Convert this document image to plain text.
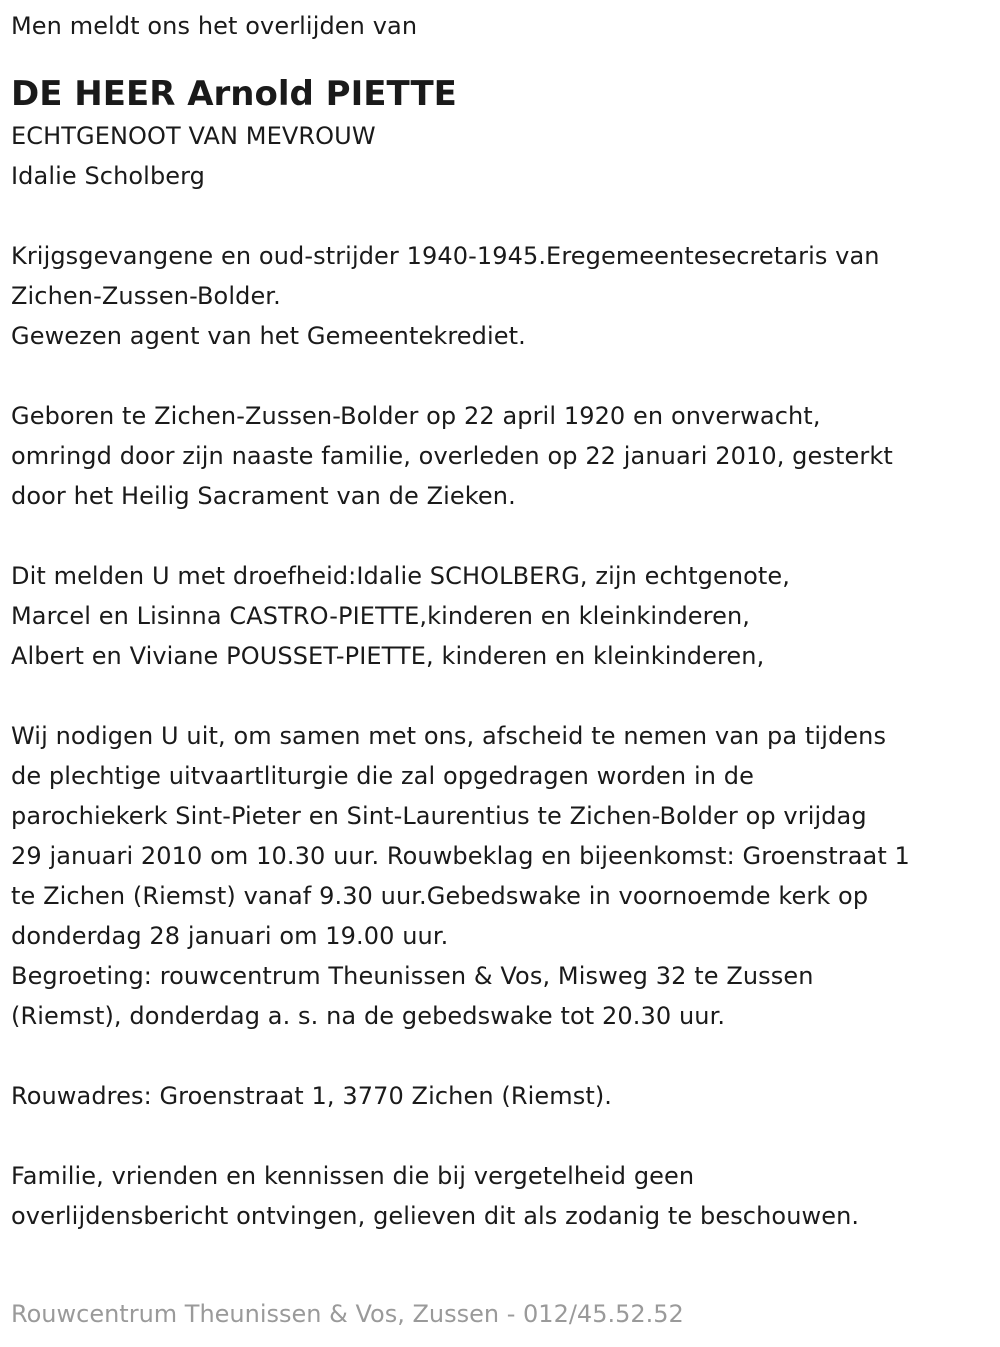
Men meldt ons het overlijden van
DE HEER Arnold PIETTE
ECHTGENOOT VAN MEVROUW
Idalie Scholberg
Krijgsgevangene en oud-strijder 1940-1945.Eregemeentesecretaris van
Zichen-Zussen-Bolder.
Gewezen agent van het Gemeentekrediet.
Geboren te Zichen-Zussen-Bolder op 22 april 1920 en onverwacht,
omringd door zijn naaste familie, overleden op 22 januari 2010, gesterkt
door het Heilig Sacrament van de Zieken.
Dit melden U met droefheid:Idalie SCHOLBERG, zijn echtgenote,
Marcel en Lisinna CASTRO-PIETTE,kinderen en kleinkinderen,
Albert en Viviane POUSSET-PIETTE, kinderen en kleinkinderen,
Wij nodigen U uit, om samen met ons, afscheid te nemen van pa tijdens
de plechtige uitvaartliturgie die zal opgedragen worden in de
parochiekerk Sint-Pieter en Sint-Laurentius te Zichen-Bolder op vrijdag
29 januari 2010 om 10.30 uur. Rouwbeklag en bijeenkomst: Groenstraat 1
te Zichen (Riemst) vanaf 9.30 uur.Gebedswake in voornoemde kerk op
donderdag 28 januari om 19.00 uur.
Begroeting: rouwcentrum Theunissen & Vos, Misweg 32 te Zussen
(Riemst), donderdag a. s. na de gebedswake tot 20.30 uur.
Rouwadres: Groenstraat 1, 3770 Zichen (Riemst).
Familie, vrienden en kennissen die bij vergetelheid geen
overlijdensbericht ontvingen, gelieven dit als zodanig te beschouwen.
Rouwcentrum Theunissen & Vos, Zussen - 012/45.52.52
